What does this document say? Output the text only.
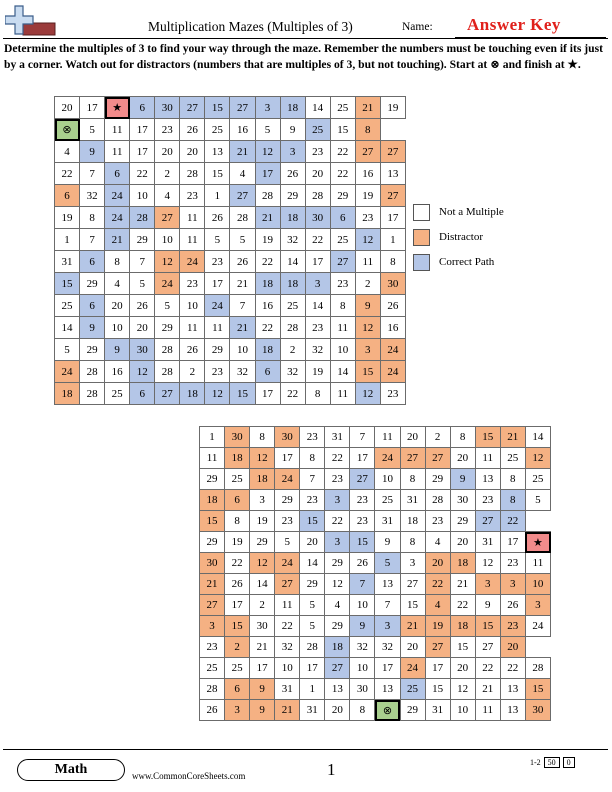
Multiplication Mazes (Multiples of 3)	Name: Answer Key
Determine the multiples of 3 to find your way through the maze. Remember the numbers must be touching even if its just by a corner. Watch out for distractors (numbers that are multiples of 3, but not touching). Start at ⊗ and finish at ★.
20	17	★	6	30	27	15	27	3	18	14	25	21	19
⊗	5	11	17	23	26	25	16	5	9	25	15	8	
4	9	11	17	20	20	13	21	12	3	23	22	27	27
22	7	6	22	2	28	15	4	17	26	20	22	16	13
6	32	24	10	4	23	1	27	28	29	28	29	19	27
19	8	24	28	27	11	26	28	21	18	30	6	23	17
1	7	21	29	10	11	5	5	19	32	22	25	12	1
31	6	8	7	12	24	23	26	22	14	17	27	11	8
15	29	4	5	24	23	17	21	18	18	3	23	2	30
25	6	20	26	5	10	24	7	16	25	14	8	9	26
14	9	10	20	29	11	11	21	22	28	23	11	12	16
5	29	9	30	28	26	29	10	18	2	32	10	3	24
24	28	16	12	28	2	23	32	6	32	19	14	15	24
18	28	25	6	27	18	12	15	17	22	8	11	12	23
Not a Multiple
Distractor
Correct Path
1	30	8	30	23	31	7	11	20	2	8	15	21	14
11	18	12	17	8	22	17	24	27	27	20	11	25	12
29	25	18	24	7	23	27	10	8	29	9	13	8	25
18	6	3	29	23	3	23	25	31	28	30	23	8	5
15	8	19	23	15	22	23	31	18	23	29	27	22	
29	19	29	5	20	3	15	9	8	4	20	31	17	★
30	22	12	24	14	29	26	5	3	20	18	12	23	11
21	26	14	27	29	12	7	13	27	22	21	3	3	10
27	17	2	11	5	4	10	7	15	4	22	9	26	3
3	15	30	22	5	29	9	3	21	19	18	15	23	24
23	2	21	32	28	18	32	32	20	27	15	27	20	
25	25	17	10	17	27	10	17	24	17	20	22	22	28
28	6	9	31	1	13	30	13	25	15	12	21	13	15
26	3	9	21	31	20	8	⊗	29	31	10	11	13	30
Math	www.CommonCoreSheets.com	1	1-2 50 0
